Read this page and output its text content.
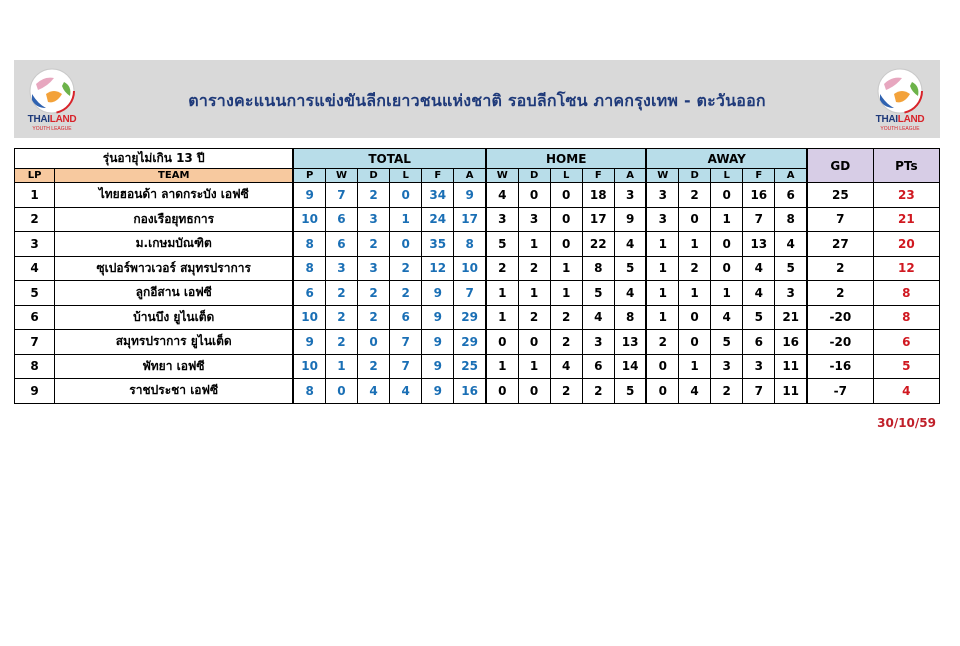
THAILAND
YOUTH LEAGUE
ตารางคะแนนการแข่งขันลีกเยาวชนแห่งชาติ รอบลีกโซน ภาคกรุงเทพ - ตะวันออก
THAILAND
YOUTH LEAGUE
รุ่นอายุไม่เกิน 13 ปี		TOTAL						HOME					AWAY					GD	PTs
LP	TEAM	P	W	D	L	F	A	W	D	L	F	A	W	D	L	F	A		
1	ไทยฮอนด้า ลาดกระบัง เอฟซี	9	7	2	0	34	9	4	0	0	18	3	3	2	0	16	6	25	23
2	กองเรือยุทธการ	10	6	3	1	24	17	3	3	0	17	9	3	0	1	7	8	7	21
3	ม.เกษมบัณฑิต	8	6	2	0	35	8	5	1	0	22	4	1	1	0	13	4	27	20
4	ซุเปอร์พาวเวอร์ สมุทรปราการ	8	3	3	2	12	10	2	2	1	8	5	1	2	0	4	5	2	12
5	ลูกอีสาน เอฟซี	6	2	2	2	9	7	1	1	1	5	4	1	1	1	4	3	2	8
6	บ้านบึง ยูไนเต็ด	10	2	2	6	9	29	1	2	2	4	8	1	0	4	5	21	-20	8
7	สมุทรปราการ ยูไนเต็ด	9	2	0	7	9	29	0	0	2	3	13	2	0	5	6	16	-20	6
8	พัทยา เอฟซี	10	1	2	7	9	25	1	1	4	6	14	0	1	3	3	11	-16	5
9	ราชประชา เอฟซี	8	0	4	4	9	16	0	0	2	2	5	0	4	2	7	11	-7	4
30/10/59
